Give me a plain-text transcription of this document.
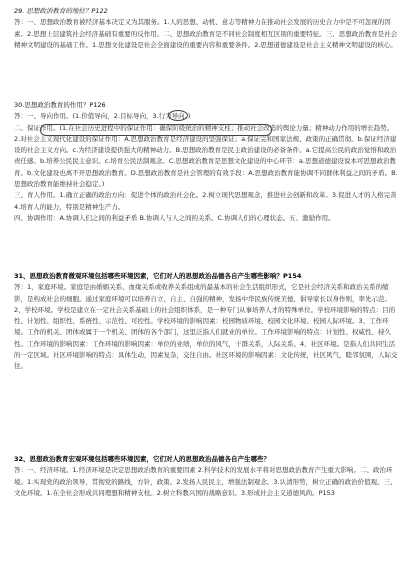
29. 思想政治教育的地位？P122

答：一、思想政治教育被经济基本决定又为其服务。1.人的思想、动机、意志等精神力在推动社会发展的历史合力中是不可忽视的因素。2.思想上层建筑社会经济基础有重要的反作用。二、思想政治教育是不同社会制度相互区别的重要特征。三、思想政治教育是社会精神文明建设的基础工作。1.思想文化建设是社会全面建设的重要内容和重要条件。2.思想道德建设是社会主义精神文明建设的核心。

30.思想政治教育的作用？P126

答：一、导向作用。(1.价值导向，2.目标导向，3.行为导向。)

二、保证作用。(1.在社会历史进程中的保证作用：确保阶级统治的精神支柱；推动社会改造的舆论力量；精神动力作用的增长趋势。2.对社会主义现代化建设的保证作用：A.思想政治教育是经济建设的坚强保证；a.保证完和国家法规、政策的正确贯彻。b.保证经济建设的社会主义方向。c.为经济建设提供强大的精神动力。B.思想政治教育是民主政治建设的必备条件。a.它提高公民的政治觉悟和政治责任感。b.培养公民民主意识。c.培育公民法制观念。C.思想政治教育是思想文化建设的中心环节：a.思想道德建设说本可思想政治教育。b.文化建设也离不开思想政治教育。D.思想政治教育是社会管理的有效手段：A.思想政治教育能协调不同群体利益之间的矛盾。B.思想政治教育能维持社会稳定。)

三、育人作用。1.确立正确的政治方向：促进个体的政治社会化。2.树立现代思想观念，推进社会创新和改革。3.促进人才的人格完善 4.培育人的能力，特别是精神生产力。

四、协调作用：A.协调人们之间的利益矛盾 B.协调人与人之间的关系。C.协调人们的心理状态。五、激励作用。

31、思想政治教育微观环境包括哪些环境因素，它们对人的思想政治品德各自产生哪些影响？P154

答：1、家庭环境。家庭是由婚姻关系、血缘关系或收养关系组成的最基本的社会生活组织形式，它是社会经济关系和政治关系的缩影，是构成社会的细胞。通过家庭环境可以培养自立、自主、自强的精神，发扬中华民族传统美德，倡导家长以身作则，率先示范。2、学校环境。学校是建立在一定社会关系基础上的社会组织体系，是一种专门从事培养人才的特殊单位。学校环境影响的特点：目的性、计划性、组织性、系统性、示范性、可控性。学校环境的影响因素：校园物质环境、校园文化环境、校园人际环境。3、工作环境。工作的机关、团体或属于一个机关、团体的各个部门，这里泛指人们就业的单位。工作环境影响的特点：计划性、权威性、持久性。工作环境的影响因素：工作环境的影响因素：单位的业绩，单位的风气，干群关系，人际关系。4、社区环境。是指人们共同生活的一定区域。社区环境影响的特点：具体生动，因素复杂，交往自由。社区环境的影响因素：文化传统，社区风气，睦邻氛围，人际交往。

32、思想政治教育宏观环境包括哪些环境因素，它们对人的思想政治品德各自产生哪些？

答：一、经济环境。1.经济环境是决定思想政治教育的重要因素 2.科学技术的发展水平将对思想政治教育产生重大影响。二、政治环境。1.实现党的政治领导，贯彻党的路线，方针，政策。2.发扬人民民主，增强法制观念。3.认清形势，树立正确的政治价值观。三、文化环境。1.在全社会形成共同理想和精神支柱。2.树立科教兴国的战略意识。3.形成社会主义道德风尚。P153
